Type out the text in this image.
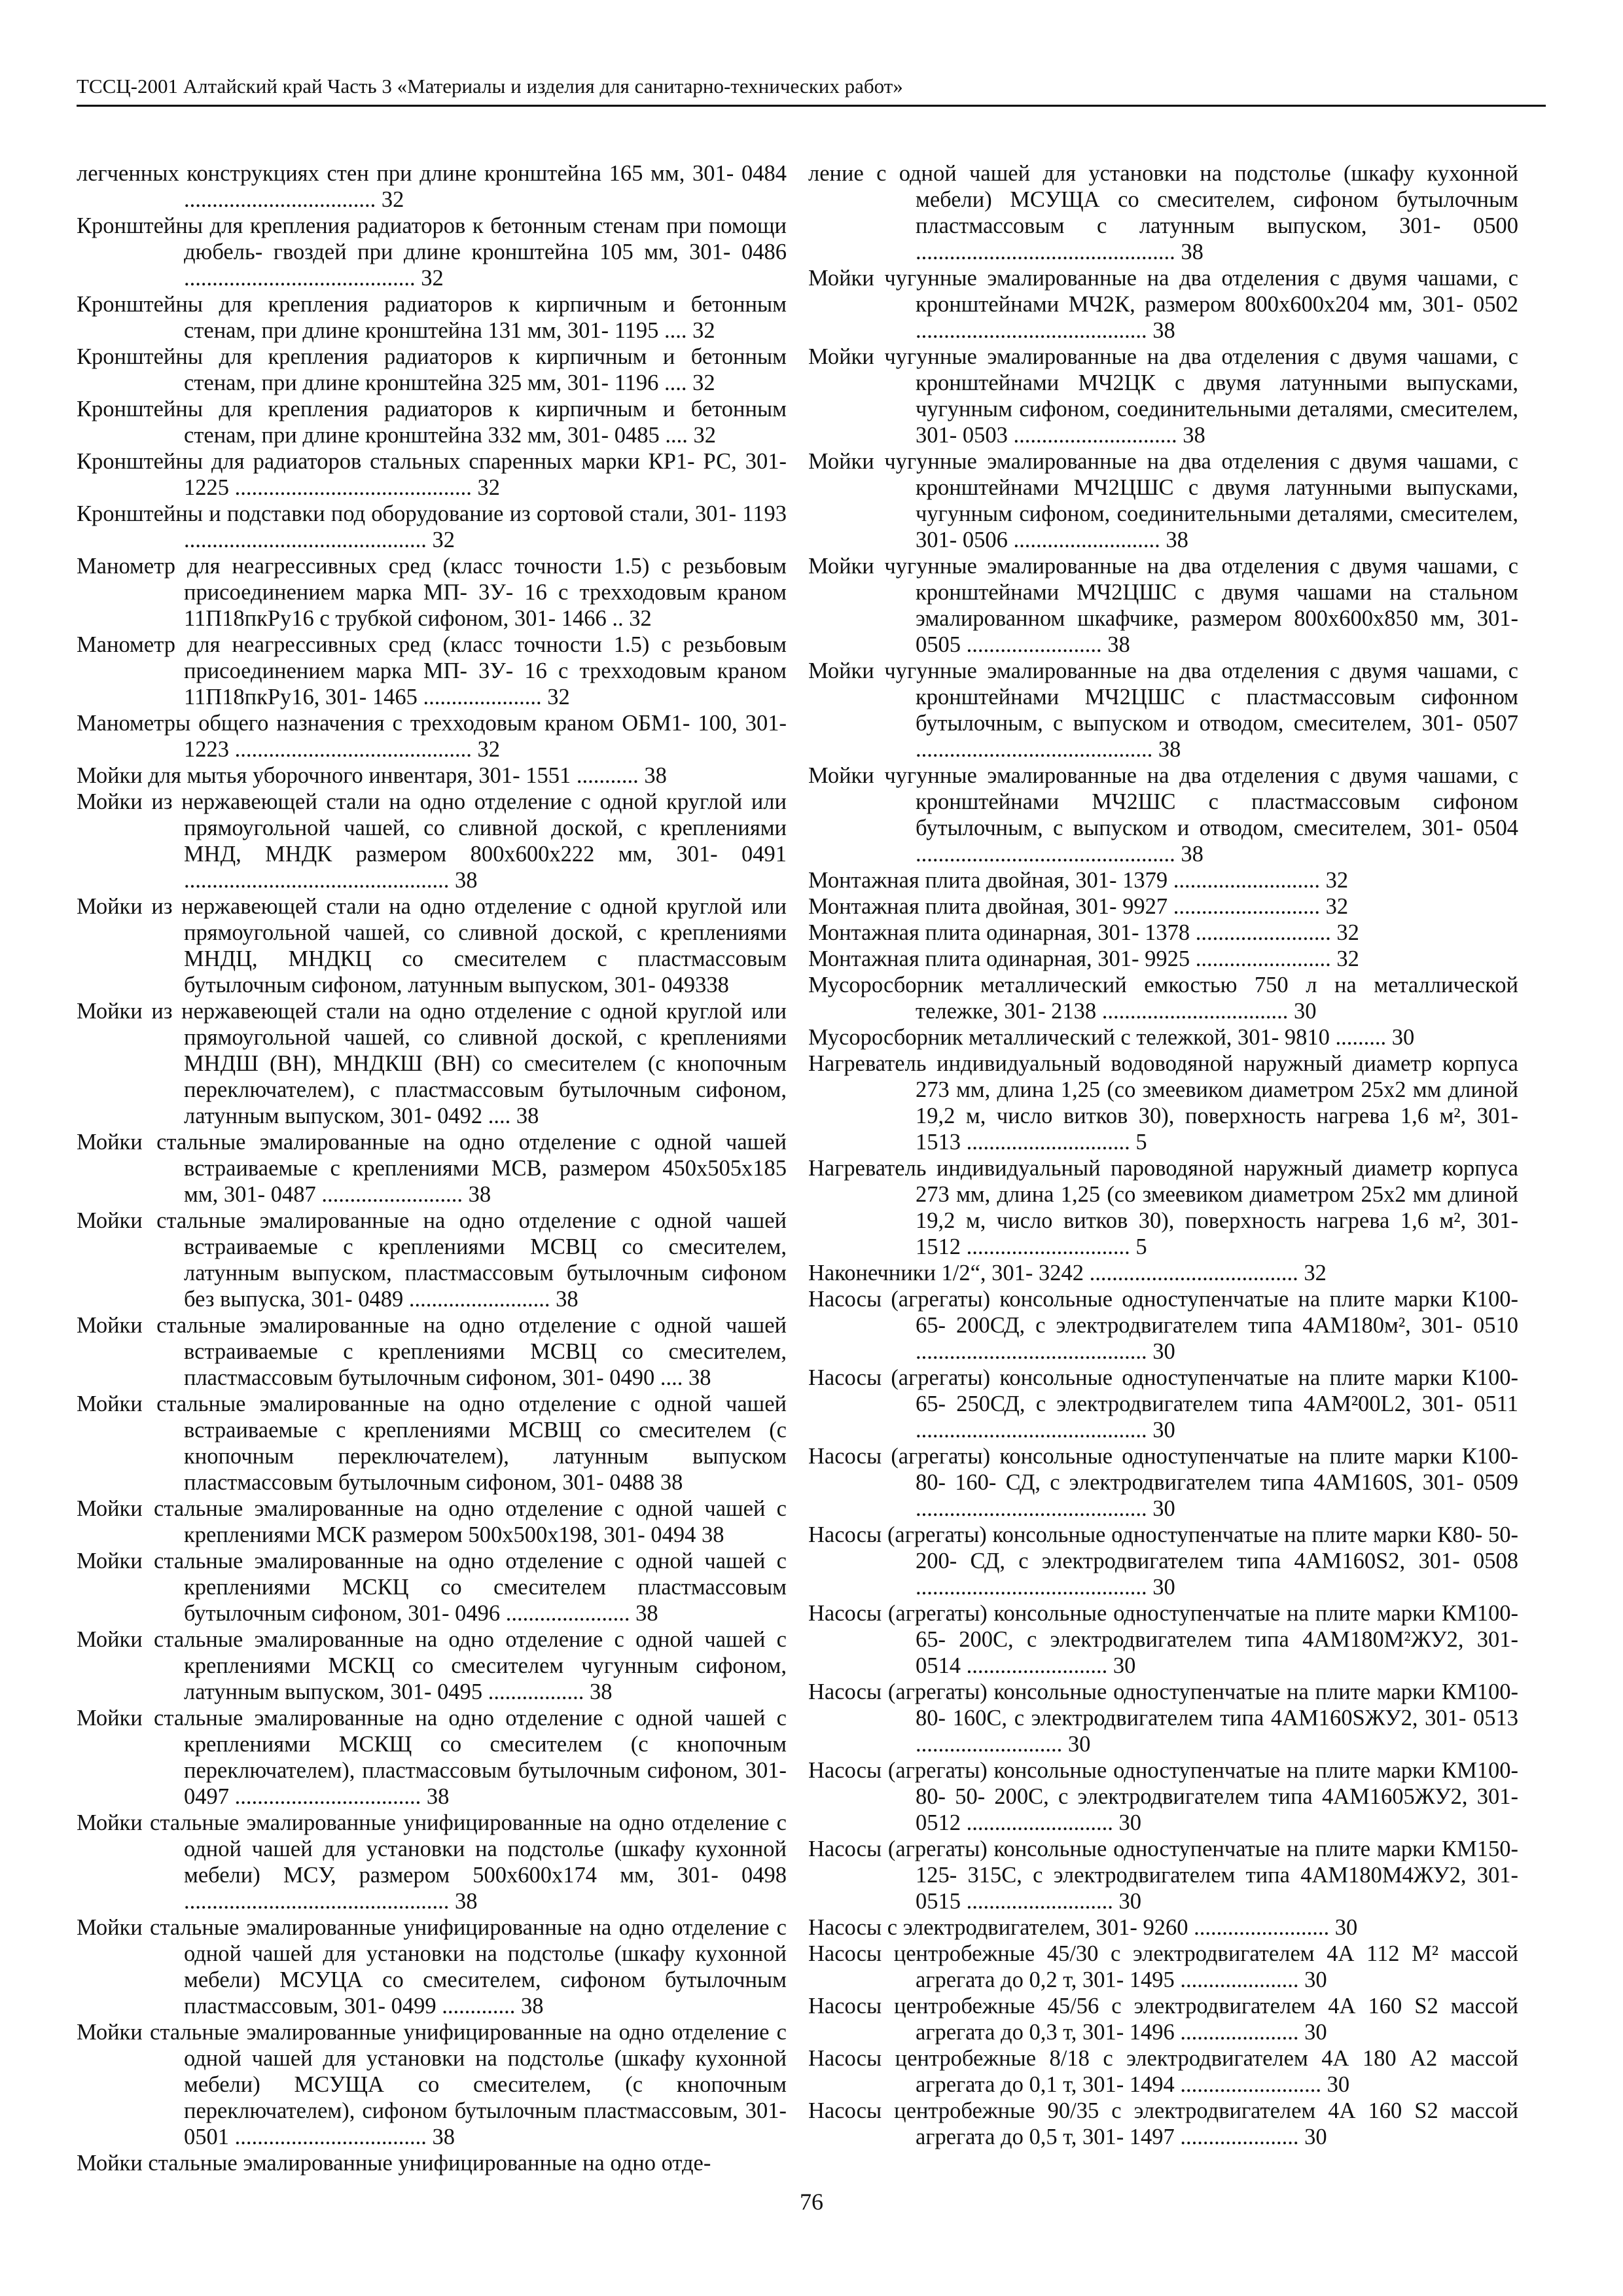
ТССЦ-2001 Алтайский край Часть 3 «Материалы и изделия для санитарно-технических работ»

легченных конструкциях стен при длине кронштейна 165 мм, 301- 0484 .................................. 32

Кронштейны для крепления радиаторов к бетонным стенам при помощи дюбель- гвоздей при длине кронштейна 105 мм, 301- 0486 ......................................... 32

Кронштейны для крепления радиаторов к кирпичным и бетонным стенам, при длине кронштейна 131 мм, 301- 1195 .... 32

Кронштейны для крепления радиаторов к кирпичным и бетонным стенам, при длине кронштейна 325 мм, 301- 1196 .... 32

Кронштейны для крепления радиаторов к кирпичным и бетонным стенам, при длине кронштейна 332 мм, 301- 0485 .... 32

Кронштейны для радиаторов стальных спаренных марки КР1- РС, 301- 1225 .......................................... 32

Кронштейны и подставки под оборудование из сортовой стали, 301- 1193 ........................................... 32

Манометр для неагрессивных сред (класс точности 1.5) с резьбовым присоединением марка МП- 3У- 16 с трехходовым краном 11П18пкРу16 с трубкой сифоном, 301- 1466 .. 32

Манометр для неагрессивных сред (класс точности 1.5) с резьбовым присоединением марка МП- 3У- 16 с трехходовым краном 11П18пкРу16, 301- 1465 ..................... 32

Манометры общего назначения с трехходовым краном ОБМ1- 100, 301- 1223 .......................................... 32

Мойки для мытья уборочного инвентаря, 301- 1551 ........... 38

Мойки из нержавеющей стали на одно отделение с одной круглой или прямоугольной чашей, со сливной доской, с креплениями МНД, МНДК размером 800х600х222 мм, 301- 0491 ............................................... 38

Мойки из нержавеющей стали на одно отделение с одной круглой или прямоугольной чашей, со сливной доской, с креплениями МНДЦ, МНДКЦ со смесителем с пластмассовым бутылочным сифоном, латунным выпуском, 301- 049338

Мойки из нержавеющей стали на одно отделение с одной круглой или прямоугольной чашей, со сливной доской, с креплениями МНДШ (ВН), МНДКШ (ВН) со смесителем (с кнопочным переключателем), с пластмассовым бутылочным сифоном, латунным выпуском, 301- 0492 .... 38

Мойки стальные эмалированные на одно отделение с одной чашей встраиваемые с креплениями МСВ, размером 450х505х185 мм, 301- 0487 ......................... 38

Мойки стальные эмалированные на одно отделение с одной чашей встраиваемые с креплениями МСВЦ со смесителем, латунным выпуском, пластмассовым бутылочным сифоном без выпуска, 301- 0489 ......................... 38

Мойки стальные эмалированные на одно отделение с одной чашей встраиваемые с креплениями МСВЦ со смесителем, пластмассовым бутылочным сифоном, 301- 0490 .... 38

Мойки стальные эмалированные на одно отделение с одной чашей встраиваемые с креплениями МСВЩ со смесителем (с кнопочным переключателем), латунным выпуском пластмассовым бутылочным сифоном, 301- 0488 38

Мойки стальные эмалированные на одно отделение с одной чашей с креплениями МСК размером 500х500х198, 301- 0494 38

Мойки стальные эмалированные на одно отделение с одной чашей с креплениями МСКЦ со смесителем пластмассовым бутылочным сифоном, 301- 0496 ...................... 38

Мойки стальные эмалированные на одно отделение с одной чашей с креплениями МСКЦ со смесителем чугунным сифоном, латунным выпуском, 301- 0495 ................. 38

Мойки стальные эмалированные на одно отделение с одной чашей с креплениями МСКЩ со смесителем (с кнопочным переключателем), пластмассовым бутылочным сифоном, 301- 0497 ................................. 38

Мойки стальные эмалированные унифицированные на одно отделение с одной чашей для установки на подстолье (шкафу кухонной мебели) МСУ, размером 500х600х174 мм, 301- 0498 ............................................... 38

Мойки стальные эмалированные унифицированные на одно отделение с одной чашей для установки на подстолье (шкафу кухонной мебели) МСУЦА со смесителем, сифоном бутылочным пластмассовым, 301- 0499 ............. 38

Мойки стальные эмалированные унифицированные на одно отделение с одной чашей для установки на подстолье (шкафу кухонной мебели) МСУЩА со смесителем, (с кнопочным переключателем), сифоном бутылочным пластмассовым, 301- 0501 .................................. 38

Мойки стальные эмалированные унифицированные на одно отде-

ление с одной чашей для установки на подстолье (шкафу кухонной мебели) МСУЩА со смесителем, сифоном бутылочным пластмассовым с латунным выпуском, 301- 0500 .............................................. 38

Мойки чугунные эмалированные на два отделения с двумя чашами, с кронштейнами МЧ2К, размером 800х600х204 мм, 301- 0502 ......................................... 38

Мойки чугунные эмалированные на два отделения с двумя чашами, с кронштейнами МЧ2ЦК с двумя латунными выпусками, чугунным сифоном, соединительными деталями, смесителем, 301- 0503 ............................. 38

Мойки чугунные эмалированные на два отделения с двумя чашами, с кронштейнами МЧ2ЦШС с двумя латунными выпусками, чугунным сифоном, соединительными деталями, смесителем, 301- 0506 .......................... 38

Мойки чугунные эмалированные на два отделения с двумя чашами, с кронштейнами МЧ2ЦШС с двумя чашами на стальном эмалированном шкафчике, размером 800х600х850 мм, 301- 0505 ........................ 38

Мойки чугунные эмалированные на два отделения с двумя чашами, с кронштейнами МЧ2ЦШС с пластмассовым сифонном бутылочным, с выпуском и отводом, смесителем, 301- 0507 .......................................... 38

Мойки чугунные эмалированные на два отделения с двумя чашами, с кронштейнами МЧ2ШС с пластмассовым сифоном бутылочным, с выпуском и отводом, смесителем, 301- 0504 .............................................. 38

Монтажная плита двойная, 301- 1379 .......................... 32

Монтажная плита двойная, 301- 9927 .......................... 32

Монтажная плита одинарная, 301- 1378 ........................ 32

Монтажная плита одинарная, 301- 9925 ........................ 32

Мусоросборник металлический емкостью 750 л на металлической тележке, 301- 2138 ................................. 30

Мусоросборник металлический с тележкой, 301- 9810 ......... 30

Нагреватель индивидуальный водоводяной наружный диаметр корпуса 273 мм, длина 1,25 (со змеевиком диаметром 25х2 мм длиной 19,2 м, число витков 30), поверхность нагрева 1,6 м², 301- 1513 ............................. 5

Нагреватель индивидуальный пароводяной наружный диаметр корпуса 273 мм, длина 1,25 (со змеевиком диаметром 25х2 мм длиной 19,2 м, число витков 30), поверхность нагрева 1,6 м², 301- 1512 ............................. 5

Наконечники 1/2“, 301- 3242 ..................................... 32

Насосы (агрегаты) консольные одноступенчатые на плите марки К100- 65- 200СД, с электродвигателем типа 4АМ180м², 301- 0510 ......................................... 30

Насосы (агрегаты) консольные одноступенчатые на плите марки К100- 65- 250СД, с электродвигателем типа 4АМ²00L2, 301- 0511 ......................................... 30

Насосы (агрегаты) консольные одноступенчатые на плите марки К100- 80- 160- СД, с электродвигателем типа 4АМ160S, 301- 0509 ......................................... 30

Насосы (агрегаты) консольные одноступенчатые на плите марки К80- 50- 200- СД, с электродвигателем типа 4АМ160S2, 301- 0508 ......................................... 30

Насосы (агрегаты) консольные одноступенчатые на плите марки КМ100- 65- 200С, с электродвигателем типа 4АМ180М²ЖУ2, 301- 0514 ......................... 30

Насосы (агрегаты) консольные одноступенчатые на плите марки КМ100- 80- 160С, с электродвигателем типа 4АМ160SЖУ2, 301- 0513 .......................... 30

Насосы (агрегаты) консольные одноступенчатые на плите марки КМ100- 80- 50- 200С, с электродвигателем типа 4АМ1605ЖУ2, 301- 0512 .......................... 30

Насосы (агрегаты) консольные одноступенчатые на плите марки КМ150- 125- 315С, с электродвигателем типа 4АМ180М4ЖУ2, 301- 0515 .......................... 30

Насосы с электродвигателем, 301- 9260 ........................ 30

Насосы центробежные 45/30 с электродвигателем 4А 112 М² массой агрегата до 0,2 т, 301- 1495 ..................... 30

Насосы центробежные 45/56 с электродвигателем 4А 160 S2 массой агрегата до 0,3 т, 301- 1496 ..................... 30

Насосы центробежные 8/18 с электродвигателем 4А 180 А2 массой агрегата до 0,1 т, 301- 1494 ......................... 30

Насосы центробежные 90/35 с электродвигателем 4А 160 S2 массой агрегата до 0,5 т, 301- 1497 ..................... 30

76
